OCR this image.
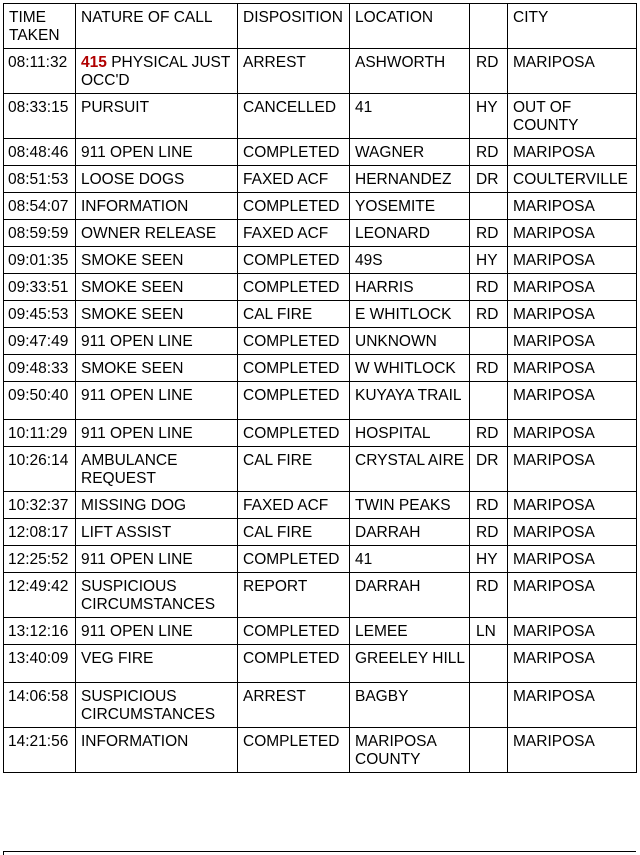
TIME TAKEN	NATURE OF CALL	DISPOSITION	LOCATION		CITY
08:11:32	415 PHYSICAL JUST OCC'D	ARREST	ASHWORTH	RD	MARIPOSA
08:33:15	PURSUIT	CANCELLED	41	HY	OUT OF COUNTY
08:48:46	911 OPEN LINE	COMPLETED	WAGNER	RD	MARIPOSA
08:51:53	LOOSE DOGS	FAXED ACF	HERNANDEZ	DR	COULTERVILLE
08:54:07	INFORMATION	COMPLETED	YOSEMITE		MARIPOSA
08:59:59	OWNER RELEASE	FAXED ACF	LEONARD	RD	MARIPOSA
09:01:35	SMOKE SEEN	COMPLETED	49S	HY	MARIPOSA
09:33:51	SMOKE SEEN	COMPLETED	HARRIS	RD	MARIPOSA
09:45:53	SMOKE SEEN	CAL FIRE	E WHITLOCK	RD	MARIPOSA
09:47:49	911 OPEN LINE	COMPLETED	UNKNOWN		MARIPOSA
09:48:33	SMOKE SEEN	COMPLETED	W WHITLOCK	RD	MARIPOSA
09:50:40	911 OPEN LINE	COMPLETED	KUYAYA TRAIL		MARIPOSA
10:11:29	911 OPEN LINE	COMPLETED	HOSPITAL	RD	MARIPOSA
10:26:14	AMBULANCE REQUEST	CAL FIRE	CRYSTAL AIRE	DR	MARIPOSA
10:32:37	MISSING DOG	FAXED ACF	TWIN PEAKS	RD	MARIPOSA
12:08:17	LIFT ASSIST	CAL FIRE	DARRAH	RD	MARIPOSA
12:25:52	911 OPEN LINE	COMPLETED	41	HY	MARIPOSA
12:49:42	SUSPICIOUS CIRCUMSTANCES	REPORT	DARRAH	RD	MARIPOSA
13:12:16	911 OPEN LINE	COMPLETED	LEMEE	LN	MARIPOSA
13:40:09	VEG FIRE	COMPLETED	GREELEY HILL		MARIPOSA
14:06:58	SUSPICIOUS CIRCUMSTANCES	ARREST	BAGBY		MARIPOSA
14:21:56	INFORMATION	COMPLETED	MARIPOSA COUNTY		MARIPOSA
